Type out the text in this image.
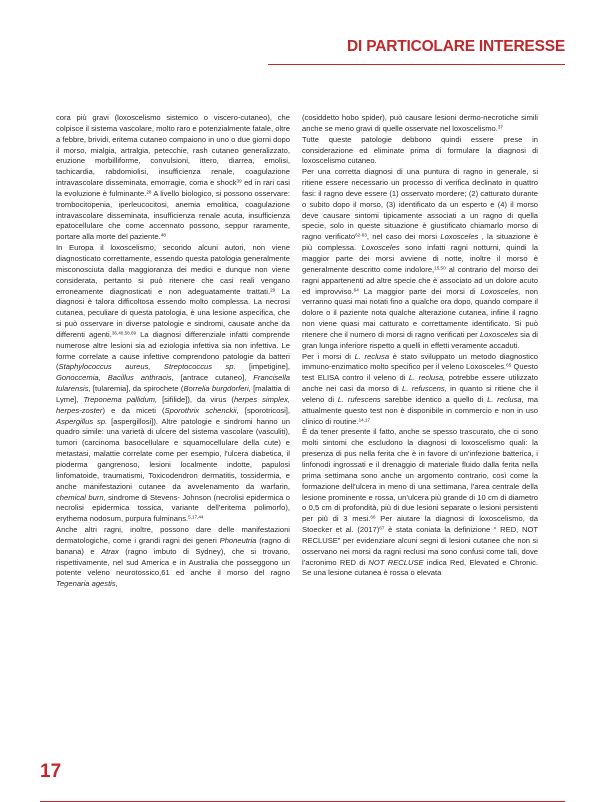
DI PARTICOLARE INTERESSE

cora più gravi (loxoscelismo sistemico o viscero-cutaneo), che colpisce il sistema vascolare, molto raro e potenzialmente fatale, oltre a febbre, brividi, eritema cutaneo compaiono in uno o due giorni dopo il morso, mialgia, artralgia, petecchie, rash cutaneo generalizzato, eruzione morbilliforme, convulsioni, ittero, diarrea, emolisi, tachicardia, rabdomiolisi, insufficienza renale, coagulazione intravascolare disseminata, emorragie, coma e shock$^{39}$ ed in rari casi la evoluzione è fulminante.$^{28}$ A livello biologico, si possono osservare: trombocitopenia, iperleucocitosi, anemia emolitica, coagulazione intravascolare disseminata, insufficienza renale acuta, insufficienza epatocellulare che come accennato possono, seppur raramente, portare alla morte del paziente.$^{48}$

In Europa il loxoscelismo, secondo alcuni autori, non viene diagnosticato correttamente, essendo questa patologia generalmente misconosciuta dalla maggioranza dei medici e dunque non viene considerata, pertanto si può ritenere che casi reali vengano erroneamente diagnosticati e non adeguatamente trattati.$^{29}$ La diagnosi è talora difficoltosa essendo molto complessa. La necrosi cutanea, peculiare di questa patologia, è una lesione aspecifica, che si può osservare in diverse patologie e sindromi, causate anche da differenti agenti.$^{36,40,58,69}$ La diagnosi differenziale infatti comprende numerose altre lesioni sia ad eziologia infettiva sia non infettiva. Le forme correlate a cause infettive comprendono patologie da batteri (Staphylococcus aureus, Streptococcus sp. [impetigine], Gonoccemia, Bacillus anthracis, [antrace cutaneo], Francisella tularensis, [tularemia], da spirochete (Borrelia burgdorferi, [malattia di Lyme], Treponema pallidum, [sifilide]), da virus (herpes simplex, herpes-zoster) e da miceti (Sporothrix schenckii, [sporotricosi], Aspergillus sp. [aspergillosi]). Altre patologie e sindromi hanno un quadro simile: una varietà di ulcere del sistema vascolare (vasculiti), tumori (carcinoma basocellulare e squamocellulare della cute) e metastasi, malattie correlate come per esempio, l’ulcera diabetica, il pioderma gangrenoso, lesioni localmente indotte, papulosi linfomatoide, traumatismi, Toxicodendron dermatitis, tossidermia, e anche manifestazioni cutanee da avvelenamento da warfarin, chemical burn, sindrome di Stevens- Johnson (necrolisi epidermica o necrolisi epidermica tossica, variante dell’eritema polimorfo), erythema nodosum, purpura fulminans.$^{5,17,44}$

Anche altri ragni, inoltre, possono dare delle manifestazioni dermatologiche, come i grandi ragni dei generi Phoneutria (ragno di banana) e Atrax (ragno imbuto di Sydney), che si trovano, rispettivamente, nel sud America e in Australia che posseggono un potente veleno neurotossico,61 ed anche il morso del ragno Tegenaria agestis,

(cosiddetto hobo spider), può causare lesioni dermo-necrotiche simili anche se meno gravi di quelle osservate nel loxoscelismo.$^{37}$

Tutte queste patologie debbono quindi essere prese in considerazione ed eliminate prima di formulare la diagnosi di loxoscelismo cutaneo.

Per una corretta diagnosi di una puntura di ragno in generale, si ritiene essere necessario un processo di verifica declinato in quattro fasi: il ragno deve essere (1) osservato mordere; (2) catturato durante o subito dopo il morso, (3) identificato da un esperto e (4) il morso deve causare sintomi tipicamente associati a un ragno di quella specie, solo in queste situazione è giustificato chiamarlo morso di ragno verificato$^{62-63}$, nel caso dei morsi Loxosceles , la situazione è più complessa. Loxosceles sono infatti ragni notturni, quindi la maggior parte dei morsi avviene di notte, inoltre il morso è generalmente descritto come indolore,$^{15,50}$ al contrario del morso dei ragni appartenenti ad altre specie che è associato ad un dolore acuto ed improvviso.$^{64}$ La maggior parte dei morsi di Loxosceles, non verranno quasi mai notati fino a qualche ora dopo, quando compare il dolore o il paziente nota qualche alterazione cutanea, infine il ragno non viene quasi mai catturato e correttamente identificato. Si può ritenere che il numero di morsi di ragno verificati per Loxosceles sia di gran lunga inferiore rispetto a quelli in effetti veramente accaduti.

Per i morsi di L. reclusa è stato sviluppato un metodo diagnostico immuno-enzimatico molto specifico per il veleno Loxosceles.$^{65}$ Questo test ELISA contro il veleno di L. reclusa, potrebbe essere utilizzato anche nei casi da morso di L. refuscens, in quanto si ritiene che il veleno di L. rufescens sarebbe identico a quello di L. reclusa, ma attualmente questo test non è disponibile in commercio e non in uso clinico di routine.$^{14,17}$

È da tener presente il fatto, anche se spesso trascurato, che ci sono molti sintomi che escludono la diagnosi di loxoscelismo quali: la presenza di pus nella ferita che è in favore di un’infezione batterica, i linfonodi ingrossati e il drenaggio di materiale fluido dalla ferita nella prima settimana sono anche un argomento contrario, così come la formazione dell’ulcera in meno di una settimana, l’area centrale della lesione prominente e rossa, un’ulcera più grande di 10 cm di diametro o 0,5 cm di profondità, più di due lesioni separate o lesioni persistenti per più di 3 mesi.$^{66}$ Per aiutare la diagnosi di loxoscelismo, da Stoecker et al. $(2017)^{67}$ è stata coniata la definizione “ RED, NOT RECLUSE” per evidenziare alcuni segni di lesioni cutanee che non si osservano nei morsi da ragni reclusi ma sono confusi come tali, dove l’acronimo RED di NOT RECLUSE indica Red, Elevated e Chronic. Se una lesione cutanea è rossa o elevata

17
